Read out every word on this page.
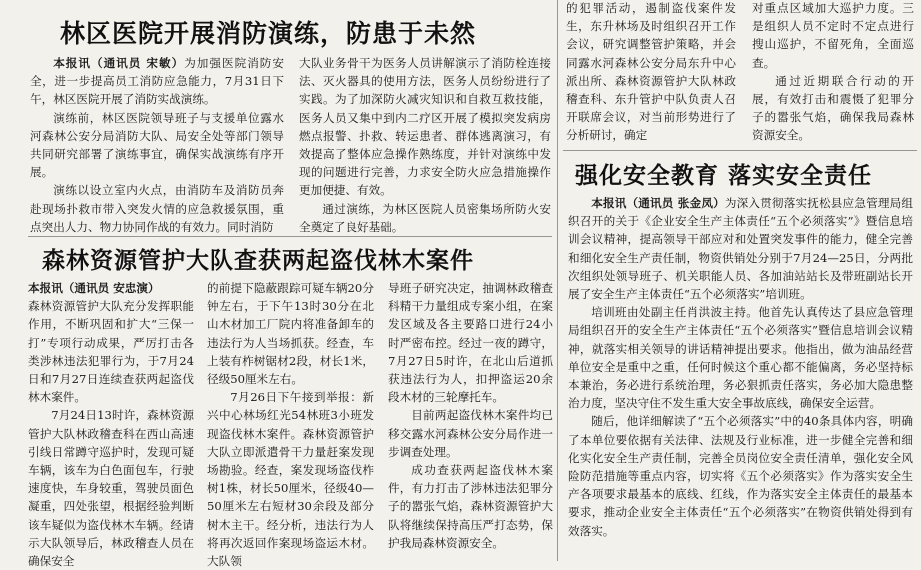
林区医院开展消防演练，防患于未然

本报讯（通讯员 宋敏）为加强医院消防安全，进一步提高员工消防应急能力，7月31日下午，林区医院开展了消防实战演练。

演练前，林区医院领导班子与支援单位露水河森林公安分局消防大队、局安全处等部门领导共同研究部署了演练事宜，确保实战演练有序开展。

演练以设立室内火点，由消防车及消防员奔赴现场扑救市带入突发火情的应急救援氛围，重点突出人力、物力协同作战的有效力。同时消防

大队业务骨干为医务人员讲解演示了消防栓连接法、灭火器具的使用方法，医务人员纷纷进行了实践。为了加深防火减灾知识和自救互救技能，医务人员又集中到内二疗区开展了模拟突发病房燃点报警、扑救、转运患者、群体逃离演习，有效提高了整体应急操作熟练度，并针对演练中发现的问题进行完善，力求安全防火应急措施操作更加便捷、有效。

通过演练，为林区医院人员密集场所防火安全奠定了良好基础。

森林资源管护大队查获两起盗伐林木案件

本报讯（通讯员 安忠演）

森林资源管护大队充分发挥职能作用，不断巩固和扩大“三保一打”专项行动成果，严厉打击各类涉林违法犯罪行为，于7月24日和7月27日连续查获两起盗伐林木案件。

7月24日13时许，森林资源管护大队林政稽查科在西山高速引线日常蹲守巡护时，发现可疑车辆，该车为白色面包车，行驶速度快，车身较重，驾驶员面色凝重，四处张望，根据经验判断该车疑似为盗伐林木车辆。经请示大队领导后，林政稽查人员在确保安全

的前提下隐蔽跟踪可疑车辆20分钟左右，于下午13时30分在北山木材加工厂院内将准备卸车的违法行为人当场抓获。经查，车上装有柞树锯材2段，材长1米，径级50厘米左右。

7月26日下午接到举报：新兴中心林场红光54林班3小班发现盗伐林木案件。森林资源管护大队立即派遣骨干力量赶案发现场勘验。经查，案发现场盗伐柞树1株，材长50厘米，径级40—50厘米左右短材30余段及部分树木主干。经分析，违法行为人将再次返回作案现场盗运木材。大队领

导班子研究决定，抽调林政稽查科精干力量组成专案小组，在案发区域及各主要路口进行24小时严密布控。经过一夜的蹲守，7月27日5时许，在北山后道抓获违法行为人，扣押盗运20余段木材的三轮摩托车。

目前两起盗伐林木案件均已移交露水河森林公安分局作进一步调查处理。

成功查获两起盗伐林木案件，有力打击了涉林违法犯罪分子的嚣张气焰，森林资源管护大队将继续保持高压严打态势，保护我局森林资源安全。

的犯罪活动，遏制盗伐案件发生，东升林场及时组织召开工作会议，研究调整管护策略，并会同露水河森林公安分局东升中心派出所、森林资源管护大队林政稽查科、东升管护中队负责人召开联席会议，对当前形势进行了分析研讨，确定

对重点区域加大巡护力度。三是组织人员不定时不定点进行搜山巡护，不留死角，全面巡查。

通过近期联合行动的开展，有效打击和震慑了犯罪分子的嚣张气焰，确保我局森林资源安全。

强化安全教育 落实安全责任

本报讯（通讯员 张金凤）为深入贯彻落实抚松县应急管理局组织召开的关于《企业安全生产主体责任“五个必须落实”》暨信息培训会议精神，提高领导干部应对和处置突发事件的能力，健全完善和细化安全生产责任制，物资供销处分别于7月24—25日，分两批次组织处领导班子、机关职能人员、各加油站站长及带班副站长开展了安全生产主体责任“五个必须落实”培训班。

培训班由处副主任肖洪波主持。他首先认真传达了县应急管理局组织召开的安全生产主体责任“五个必须落实”暨信息培训会议精神，就落实相关领导的讲话精神提出要求。他指出，做为油品经营单位安全是重中之重，任何时候这个重心都不能偏离，务必坚持标本兼治，务必进行系统治理，务必狠抓责任落实，务必加大隐患整治力度，坚决守住不发生重大安全事故底线，确保安全运营。

随后，他详细解读了“五个必须落实”中的40条具体内容，明确了本单位要依据有关法律、法规及行业标准，进一步健全完善和细化实化安全生产责任制，完善全员岗位安全责任清单，强化安全风险防范措施等重点内容，切实将《五个必须落实》作为落实安全生产各项要求最基本的底线、红线，作为落实安全主体责任的最基本要求，推动企业安全主体责任“五个必须落实”在物资供销处得到有效落实。
